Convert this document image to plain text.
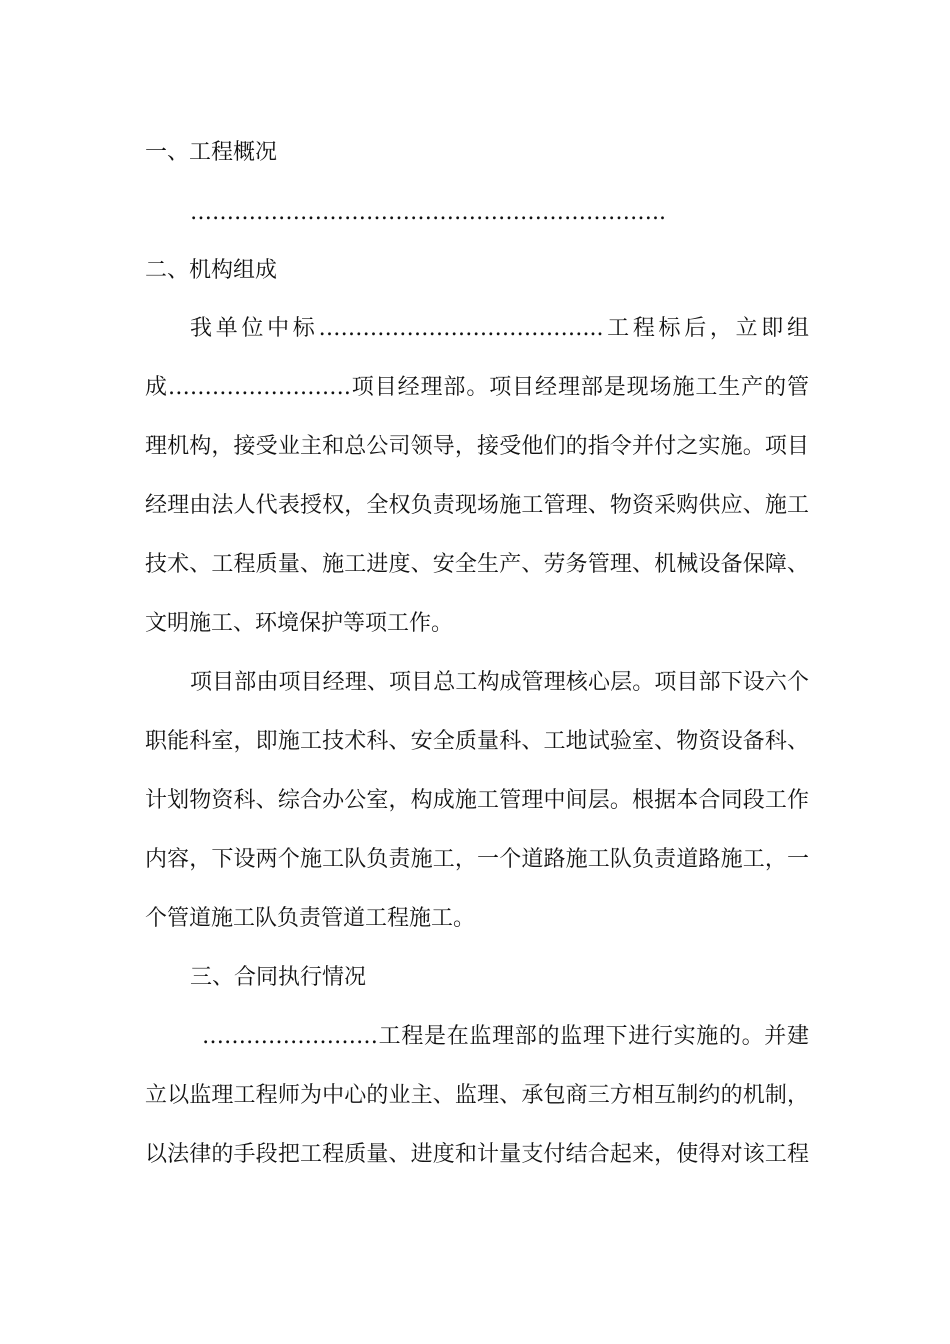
一、工程概况
………………………………………………………..
二、机构组成
我单位中标………………………………...工程标后，立即组
成…………………….项目经理部。项目经理部是现场施工生产的管
理机构，接受业主和总公司领导，接受他们的指令并付之实施。项目
经理由法人代表授权，全权负责现场施工管理、物资采购供应、施工
技术、工程质量、施工进度、安全生产、劳务管理、机械设备保障、
文明施工、环境保护等项工作。
项目部由项目经理、项目总工构成管理核心层。项目部下设六个
职能科室，即施工技术科、安全质量科、工地试验室、物资设备科、
计划物资科、综合办公室，构成施工管理中间层。根据本合同段工作
内容，下设两个施工队负责施工，一个道路施工队负责道路施工，一
个管道施工队负责管道工程施工。
三、合同执行情况
……………………工程是在监理部的监理下进行实施的。并建
立以监理工程师为中心的业主、监理、承包商三方相互制约的机制，
以法律的手段把工程质量、进度和计量支付结合起来，使得对该工程
